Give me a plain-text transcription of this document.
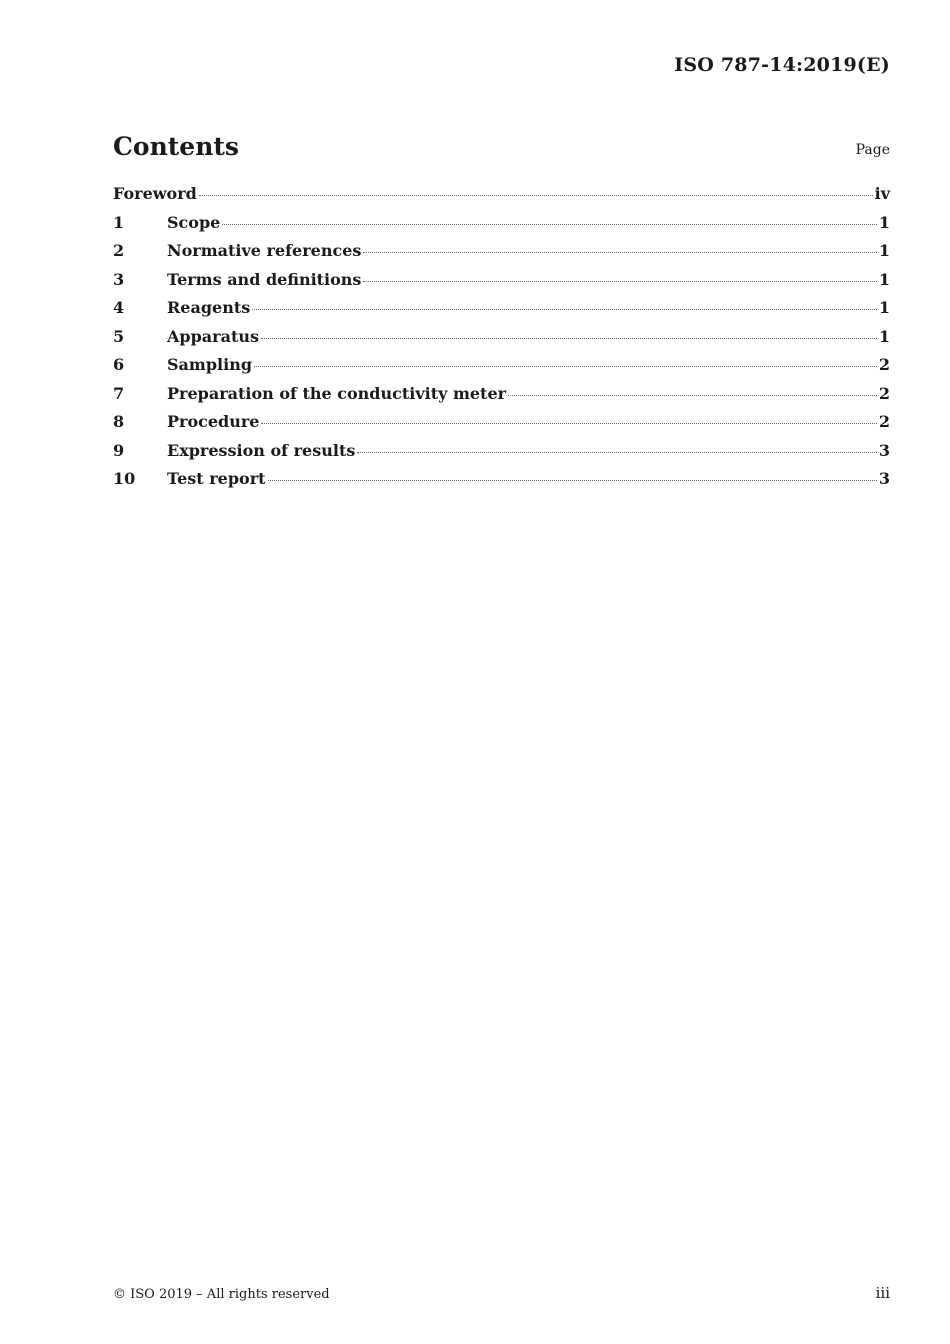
ISO 787-14:2019(E)
Contents	Page
Foreword	iv
1	Scope	1
2	Normative references	1
3	Terms and definitions	1
4	Reagents	1
5	Apparatus	1
6	Sampling	2
7	Preparation of the conductivity meter	2
8	Procedure	2
9	Expression of results	3
10	Test report	3
© ISO 2019 – All rights reserved	iii
